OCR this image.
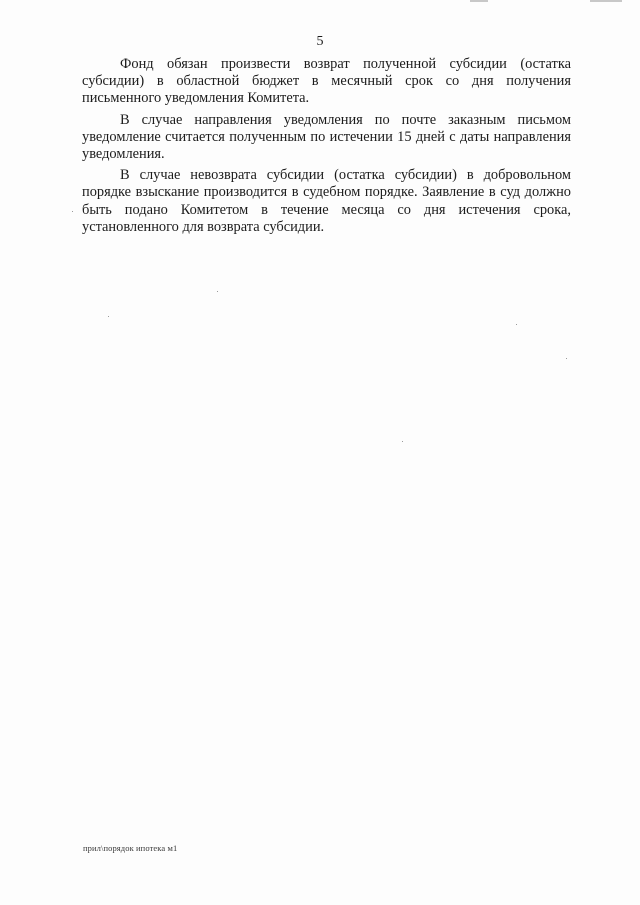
5

Фонд обязан произвести возврат полученной субсидии (остатка субсидии) в областной бюджет в месячный срок со дня получения письменного уведомления Комитета.

В случае направления уведомления по почте заказным письмом уведомление считается полученным по истечении 15 дней с даты направления уведомления.

В случае невозврата субсидии (остатка субсидии) в добровольном порядке взыскание производится в судебном порядке. Заявление в суд должно быть подано Комитетом в течение месяца со дня истечения срока, установленного для возврата субсидии.

прил\порядок ипотека м1
